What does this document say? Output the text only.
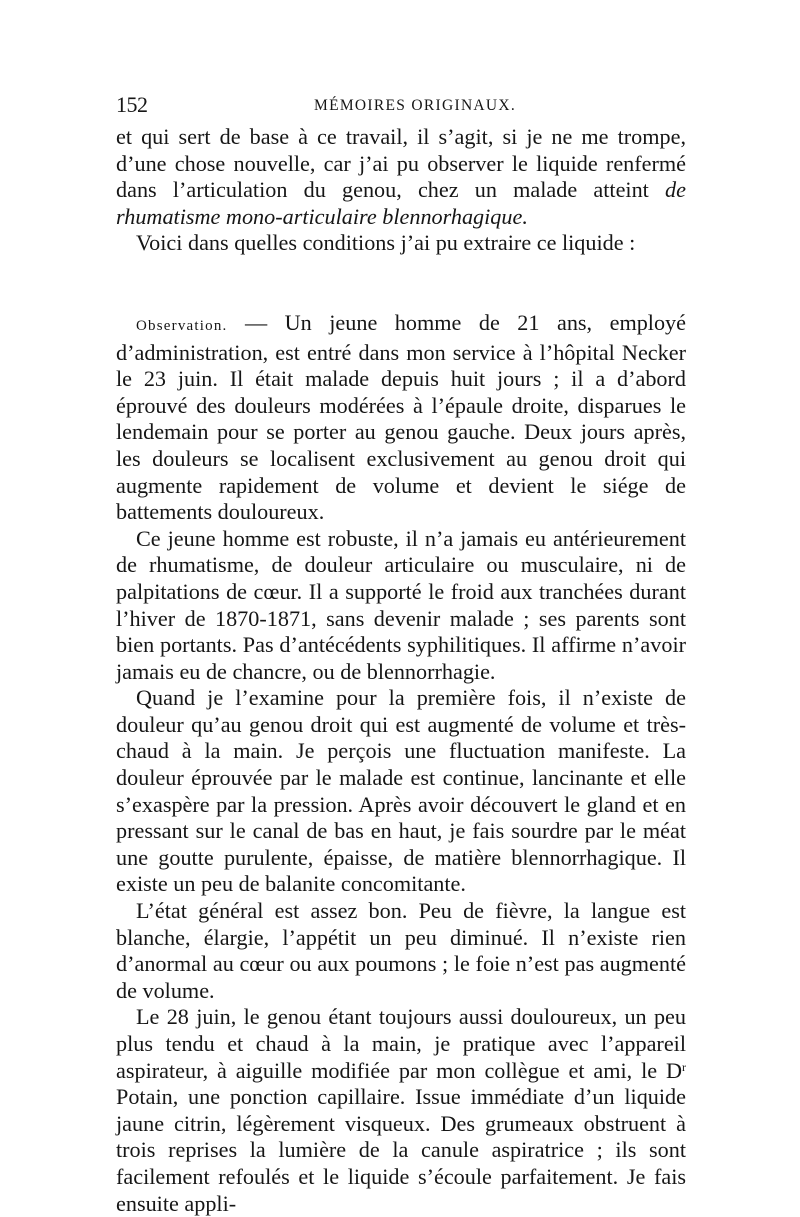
152	MÉMOIRES ORIGINAUX.

et qui sert de base à ce travail, il s’agit, si je ne me trompe, d’une chose nouvelle, car j’ai pu observer le liquide renfermé dans l’articulation du genou, chez un malade atteint de rhumatisme mono-articulaire blennorhagique.

Voici dans quelles conditions j’ai pu extraire ce liquide :

Observation. — Un jeune homme de 21 ans, employé d’administration, est entré dans mon service à l’hôpital Necker le 23 juin. Il était malade depuis huit jours ; il a d’abord éprouvé des douleurs modérées à l’épaule droite, disparues le lendemain pour se porter au genou gauche. Deux jours après, les douleurs se localisent exclusivement au genou droit qui augmente rapidement de volume et devient le siége de battements douloureux.

Ce jeune homme est robuste, il n’a jamais eu antérieurement de rhumatisme, de douleur articulaire ou musculaire, ni de palpitations de cœur. Il a supporté le froid aux tranchées durant l’hiver de 1870-1871, sans devenir malade ; ses parents sont bien portants. Pas d’antécédents syphilitiques. Il affirme n’avoir jamais eu de chancre, ou de blennorrhagie.

Quand je l’examine pour la première fois, il n’existe de douleur qu’au genou droit qui est augmenté de volume et très-chaud à la main. Je perçois une fluctuation manifeste. La douleur éprouvée par le malade est continue, lancinante et elle s’exaspère par la pression. Après avoir découvert le gland et en pressant sur le canal de bas en haut, je fais sourdre par le méat une goutte purulente, épaisse, de matière blennorrhagique. Il existe un peu de balanite concomitante.

L’état général est assez bon. Peu de fièvre, la langue est blanche, élargie, l’appétit un peu diminué. Il n’existe rien d’anormal au cœur ou aux poumons ; le foie n’est pas augmenté de volume.

Le 28 juin, le genou étant toujours aussi douloureux, un peu plus tendu et chaud à la main, je pratique avec l’appareil aspirateur, à aiguille modifiée par mon collègue et ami, le $D^r$ Potain, une ponction capillaire. Issue immédiate d’un liquide jaune citrin, légèrement visqueux. Des grumeaux obstruent à trois reprises la lumière de la canule aspiratrice ; ils sont facilement refoulés et le liquide s’écoule parfaitement. Je fais ensuite appli-
